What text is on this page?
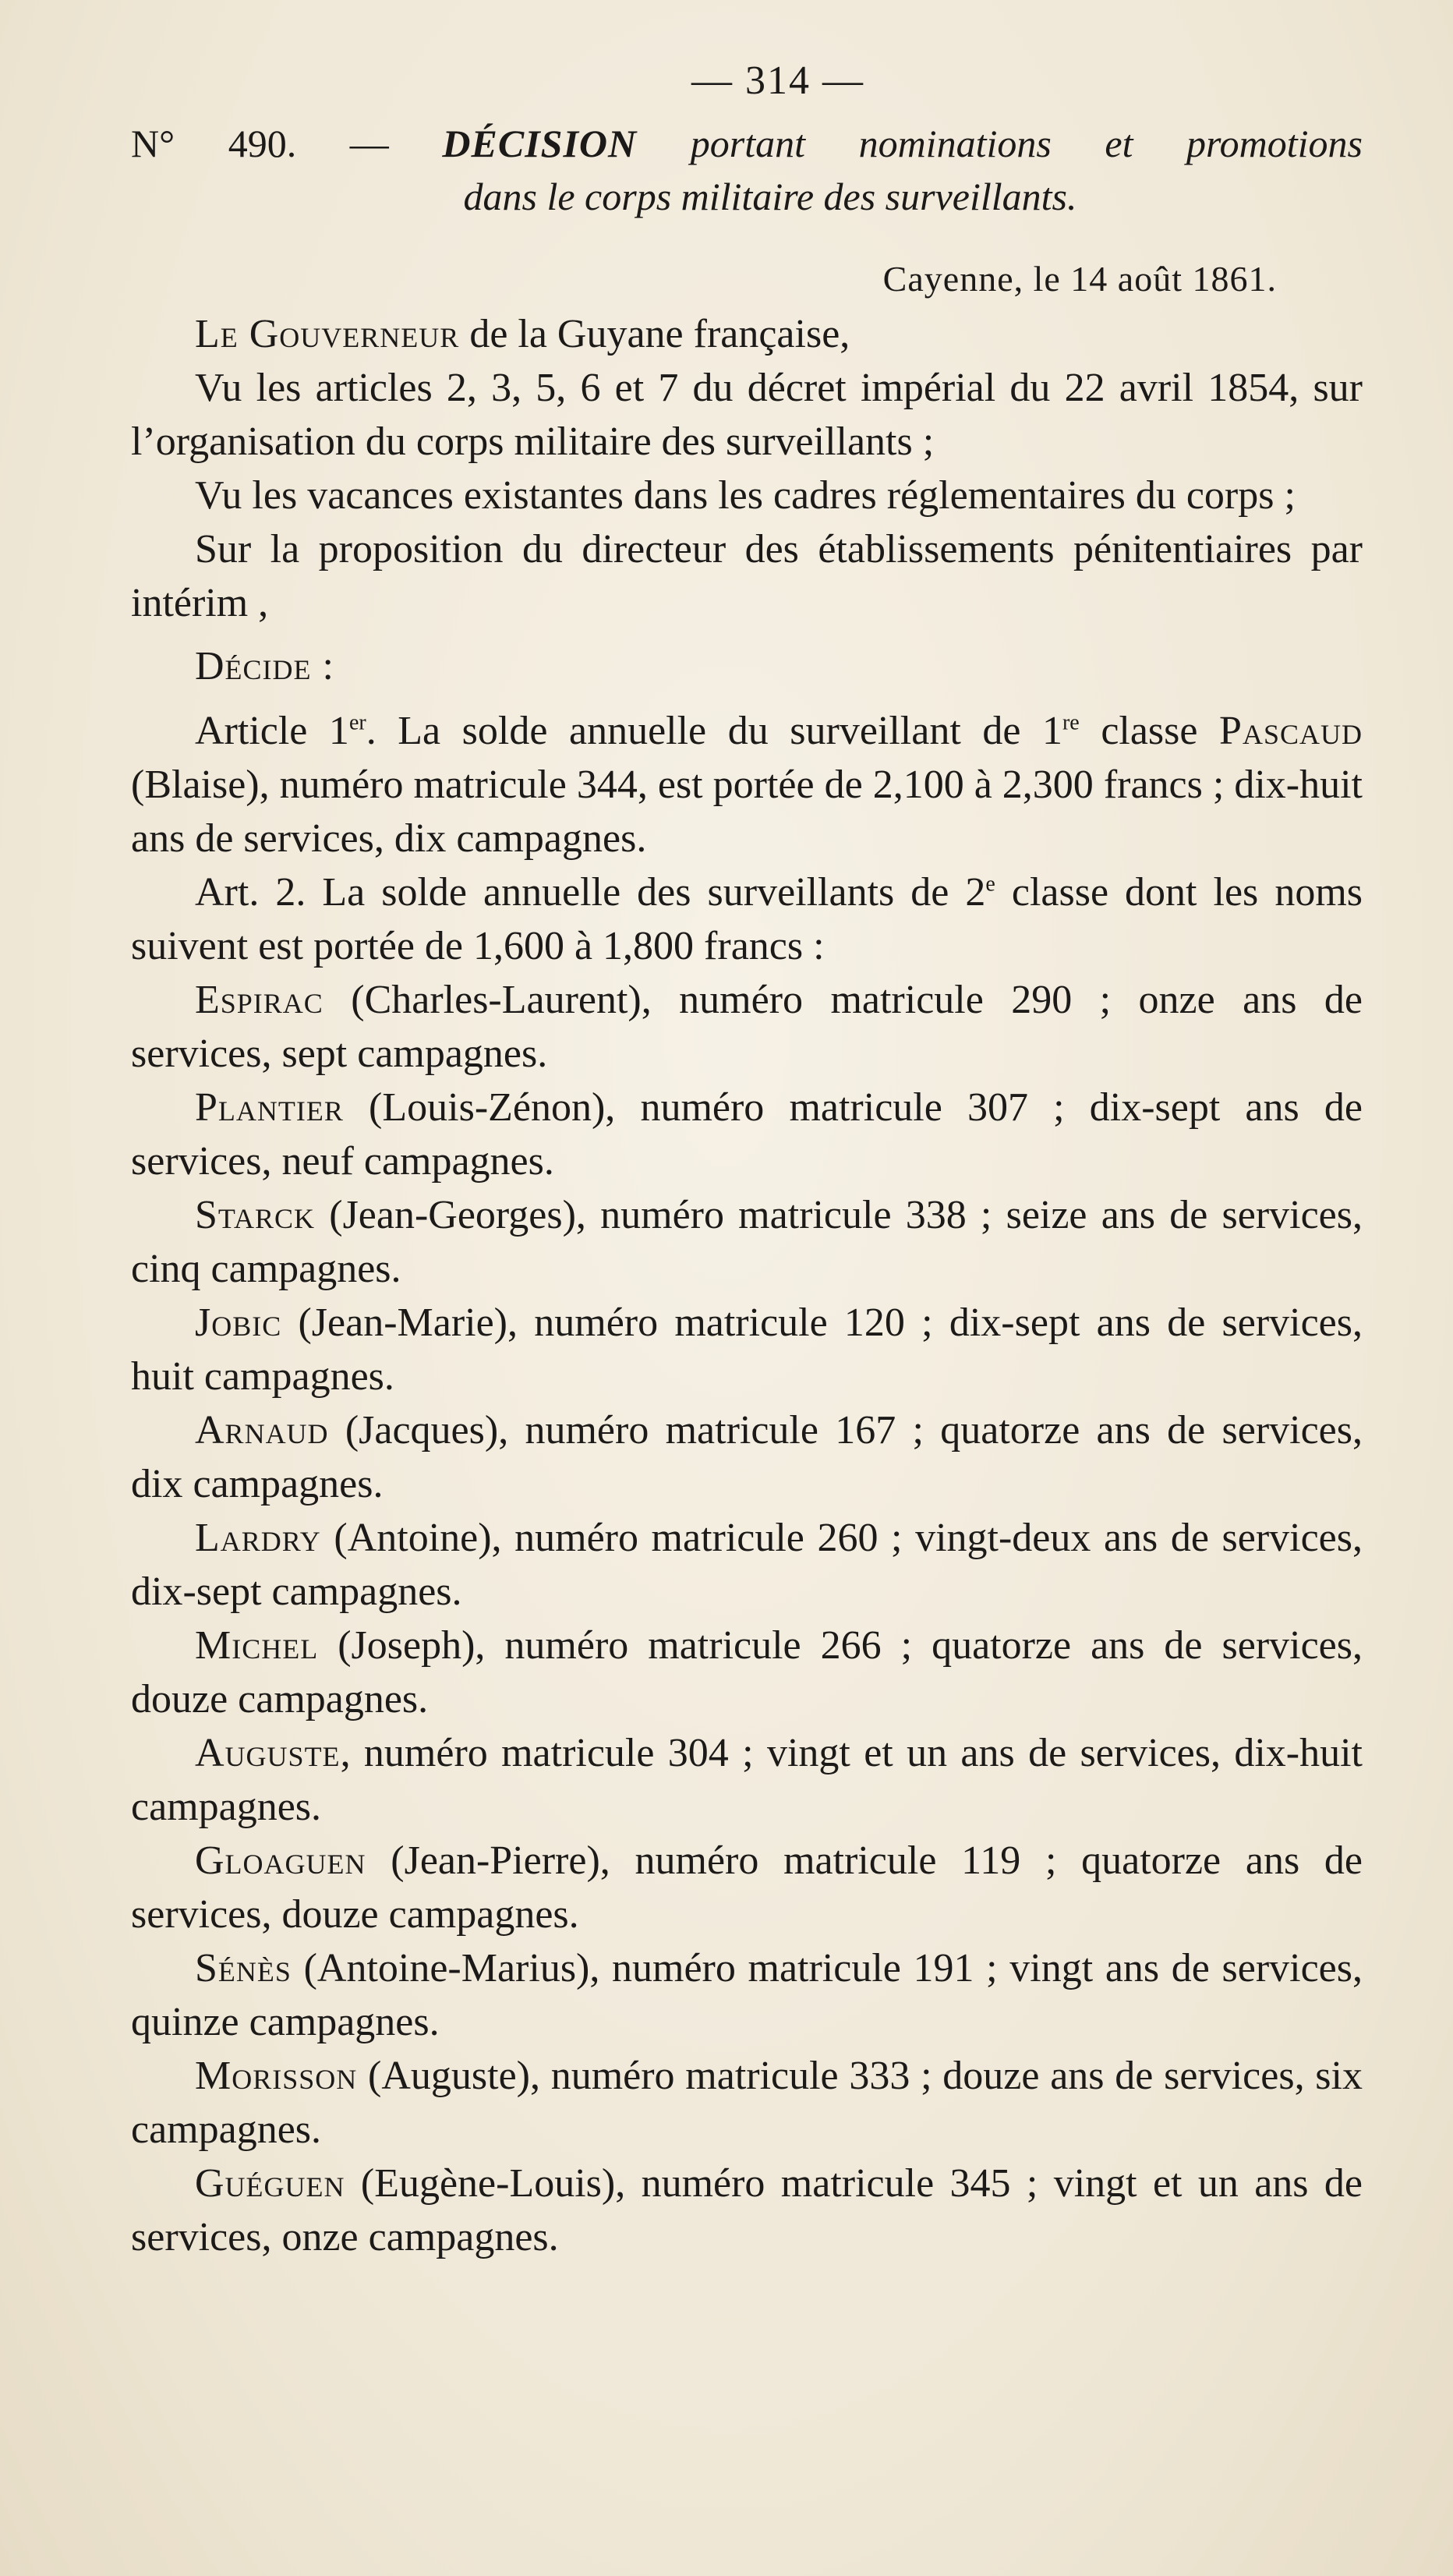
— 314 —
N° 490. — DÉCISION portant nominations et promotions
dans le corps militaire des surveillants.
Cayenne, le 14 août 1861.

Le Gouverneur de la Guyane française,

Vu les articles 2, 3, 5, 6 et 7 du décret impérial du 22 avril 1854, sur l’organisation du corps militaire des surveillants ;

Vu les vacances existantes dans les cadres réglementaires du corps ;

Sur la proposition du directeur des établissements pénitentiaires par intérim ,

Décide :

Article 1er. La solde annuelle du surveillant de 1re classe Pascaud (Blaise), numéro matricule 344, est portée de 2,100 à 2,300 francs ; dix-huit ans de services, dix campagnes.

Art. 2. La solde annuelle des surveillants de 2e classe dont les noms suivent est portée de 1,600 à 1,800 francs :

Espirac (Charles-Laurent), numéro matricule 290 ; onze ans de services, sept campagnes.

Plantier (Louis-Zénon), numéro matricule 307 ; dix-sept ans de services, neuf campagnes.

Starck (Jean-Georges), numéro matricule 338 ; seize ans de services, cinq campagnes.

Jobic (Jean-Marie), numéro matricule 120 ; dix-sept ans de services, huit campagnes.

Arnaud (Jacques), numéro matricule 167 ; quatorze ans de services, dix campagnes.

Lardry (Antoine), numéro matricule 260 ; vingt-deux ans de services, dix-sept campagnes.

Michel (Joseph), numéro matricule 266 ; quatorze ans de services, douze campagnes.

Auguste, numéro matricule 304 ; vingt et un ans de services, dix-huit campagnes.

Gloaguen (Jean-Pierre), numéro matricule 119 ; quatorze ans de services, douze campagnes.

Sénès (Antoine-Marius), numéro matricule 191 ; vingt ans de services, quinze campagnes.

Morisson (Auguste), numéro matricule 333 ; douze ans de services, six campagnes.

Guéguen (Eugène-Louis), numéro matricule 345 ; vingt et un ans de services, onze campagnes.
